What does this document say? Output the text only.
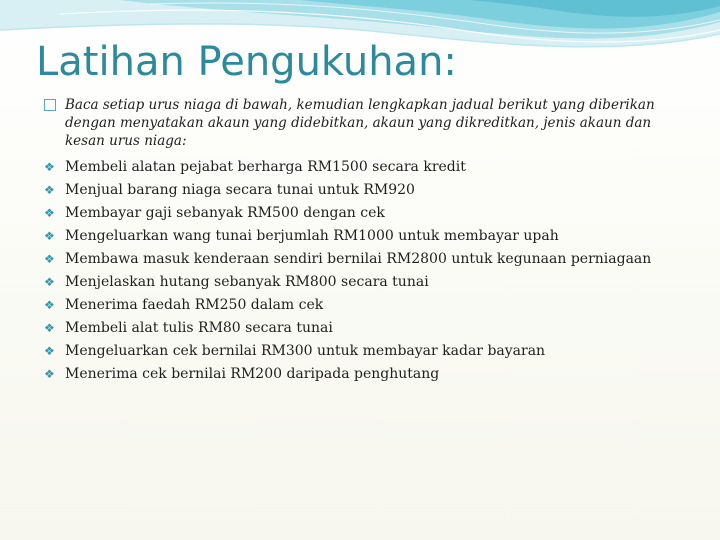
Latihan Pengukuhan:
Baca setiap urus niaga di bawah, kemudian lengkapkan jadual berikut yang diberikan dengan menyatakan akaun yang didebitkan, akaun yang dikreditkan, jenis akaun dan kesan urus niaga:
❖ Membeli alatan pejabat berharga RM1500 secara kredit
❖ Menjual barang niaga secara tunai untuk RM920
❖ Membayar gaji sebanyak RM500 dengan cek
❖ Mengeluarkan wang tunai berjumlah RM1000 untuk membayar upah
❖ Membawa masuk kenderaan sendiri bernilai RM2800 untuk kegunaan perniagaan
❖ Menjelaskan hutang sebanyak RM800 secara tunai
❖ Menerima faedah RM250 dalam cek
❖ Membeli alat tulis RM80 secara tunai
❖ Mengeluarkan cek bernilai RM300 untuk membayar kadar bayaran
❖ Menerima cek bernilai RM200 daripada penghutang
